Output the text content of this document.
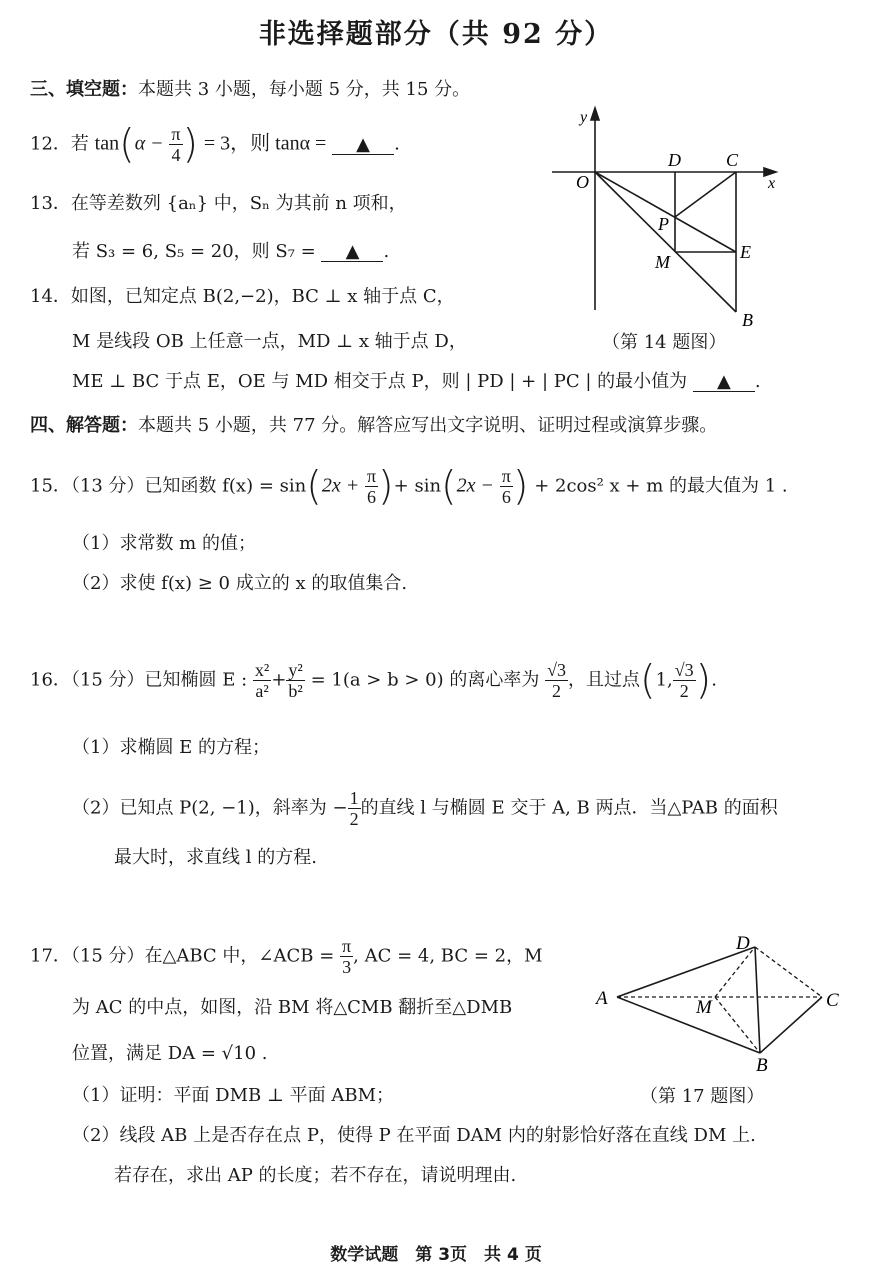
非选择题部分（共 92 分）
三、填空题：本题共 3 小题，每小题 5 分，共 15 分。
12．若 $\tan(\alpha - \frac{\pi}{4}$ ) = 3，则 tanα = ▲ .
13．在等差数列 {aₙ} 中，Sₙ 为其前 n 项和，
若 S₃ = 6, S₅ = 20，则 S₇ = ▲ .
14．如图，已知定点 B(2,−2)，BC ⊥ x 轴于点 C，
M 是线段 OB 上任意一点，MD ⊥ x 轴于点 D，
ME ⊥ BC 于点 E，OE 与 MD 相交于点 P，则 | PD | + | PC | 的最小值为 ▲ .
y
x
O
D	C
P
M	E
B
（第 14 题图）
四、解答题：本题共 5 小题，共 77 分。解答应写出文字说明、证明过程或演算步骤。
15．（13 分）已知函数 $f(x) = \sin(2x + \frac{\pi}{6}$ )+ $\sin(2x - \frac{\pi}{6}$ ) + 2cos² x + m 的最大值为 1 .
（1）求常数 m 的值；
（2）求使 f(x) ≥ 0 成立的 x 的取值集合.
16．（15 分）已知椭圆 E : $\frac{\text{x²}}{\text{a²}} + \frac{\text{y²}}{\text{b²}} = 1(a > b > 0)$ 的离心率为 $\frac{√3}{2}$ ，且过点(1, $\frac{√3}{2}$ ).
（1）求椭圆 E 的方程；
（2）已知点 P(2, −1)，斜率为 − $\frac{1}{2}$ 的直线 l 与椭圆 E 交于 A, B 两点．当△PAB 的面积
最大时，求直线 l 的方程.
17．（15 分）在△ABC 中，∠ACB = $\frac{\pi}{3}$ , AC = 4, BC = 2，M
为 AC 的中点，如图，沿 BM 将△CMB 翻折至△DMB
位置，满足 DA = √10 .
（1）证明：平面 DMB ⊥ 平面 ABM；
（2）线段 AB 上是否存在点 P，使得 P 在平面 DAM 内的射影恰好落在直线 DM 上.
若存在，求出 AP 的长度；若不存在，请说明理由.
D
A	M	C
B
（第 17 题图）
数学试题　第 3页　共 4 页
